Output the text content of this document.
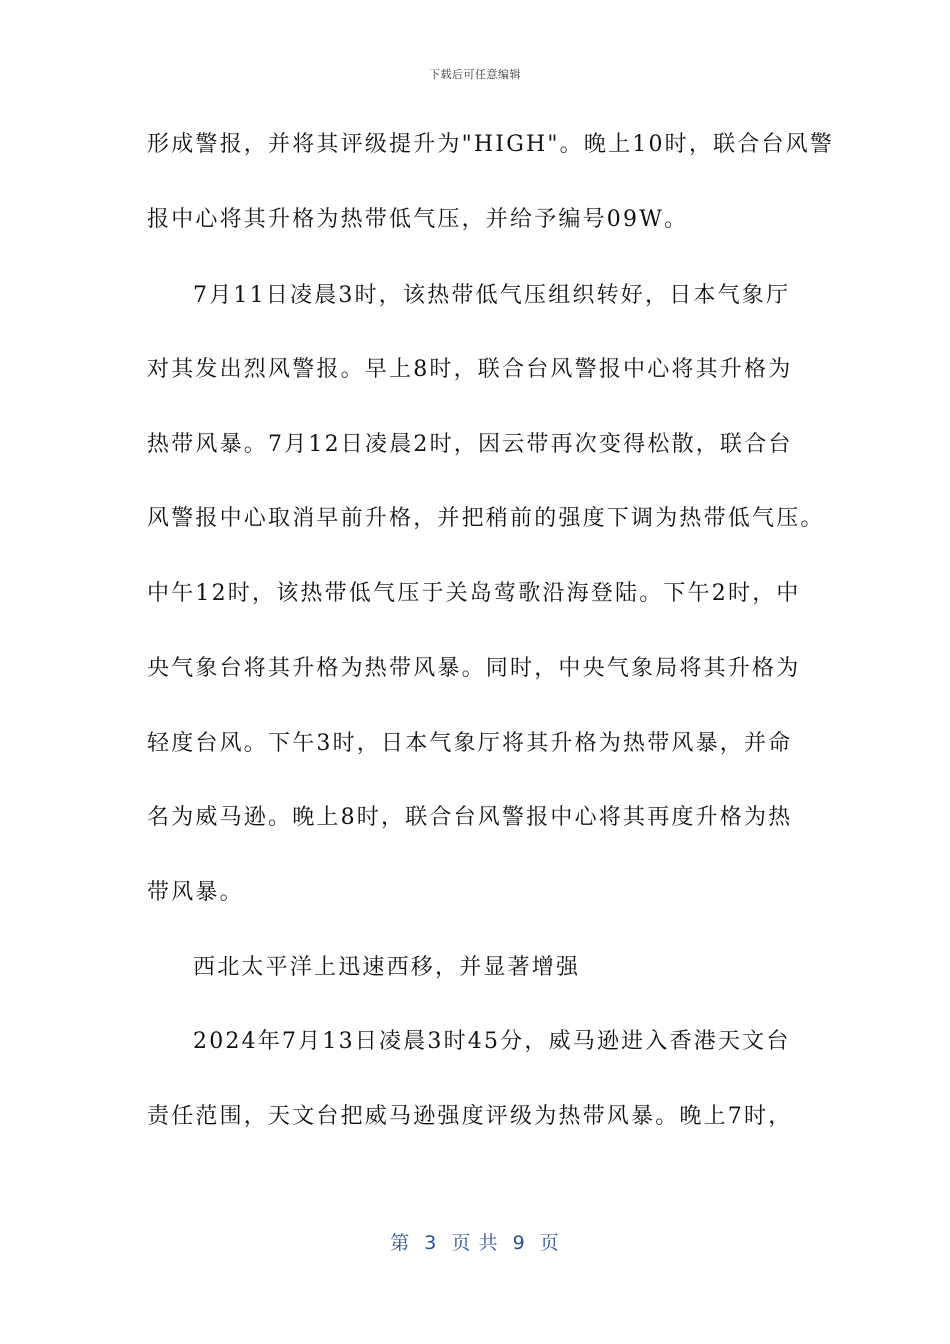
下载后可任意编辑
形成警报，并将其评级提升为"HIGH"。晚上10时，联合台风警
报中心将其升格为热带低气压，并给予编号09W。
7月11日凌晨3时，该热带低气压组织转好，日本气象厅
对其发出烈风警报。早上8时，联合台风警报中心将其升格为
热带风暴。7月12日凌晨2时，因云带再次变得松散，联合台
风警报中心取消早前升格，并把稍前的强度下调为热带低气压。
中午12时，该热带低气压于关岛莺歌沿海登陆。下午2时，中
央气象台将其升格为热带风暴。同时，中央气象局将其升格为
轻度台风。下午3时，日本气象厅将其升格为热带风暴，并命
名为威马逊。晚上8时，联合台风警报中心将其再度升格为热
带风暴。
西北太平洋上迅速西移，并显著增强
2024年7月13日凌晨3时45分，威马逊进入香港天文台
责任范围，天文台把威马逊强度评级为热带风暴。晚上7时，
第  3  页 共  9  页
